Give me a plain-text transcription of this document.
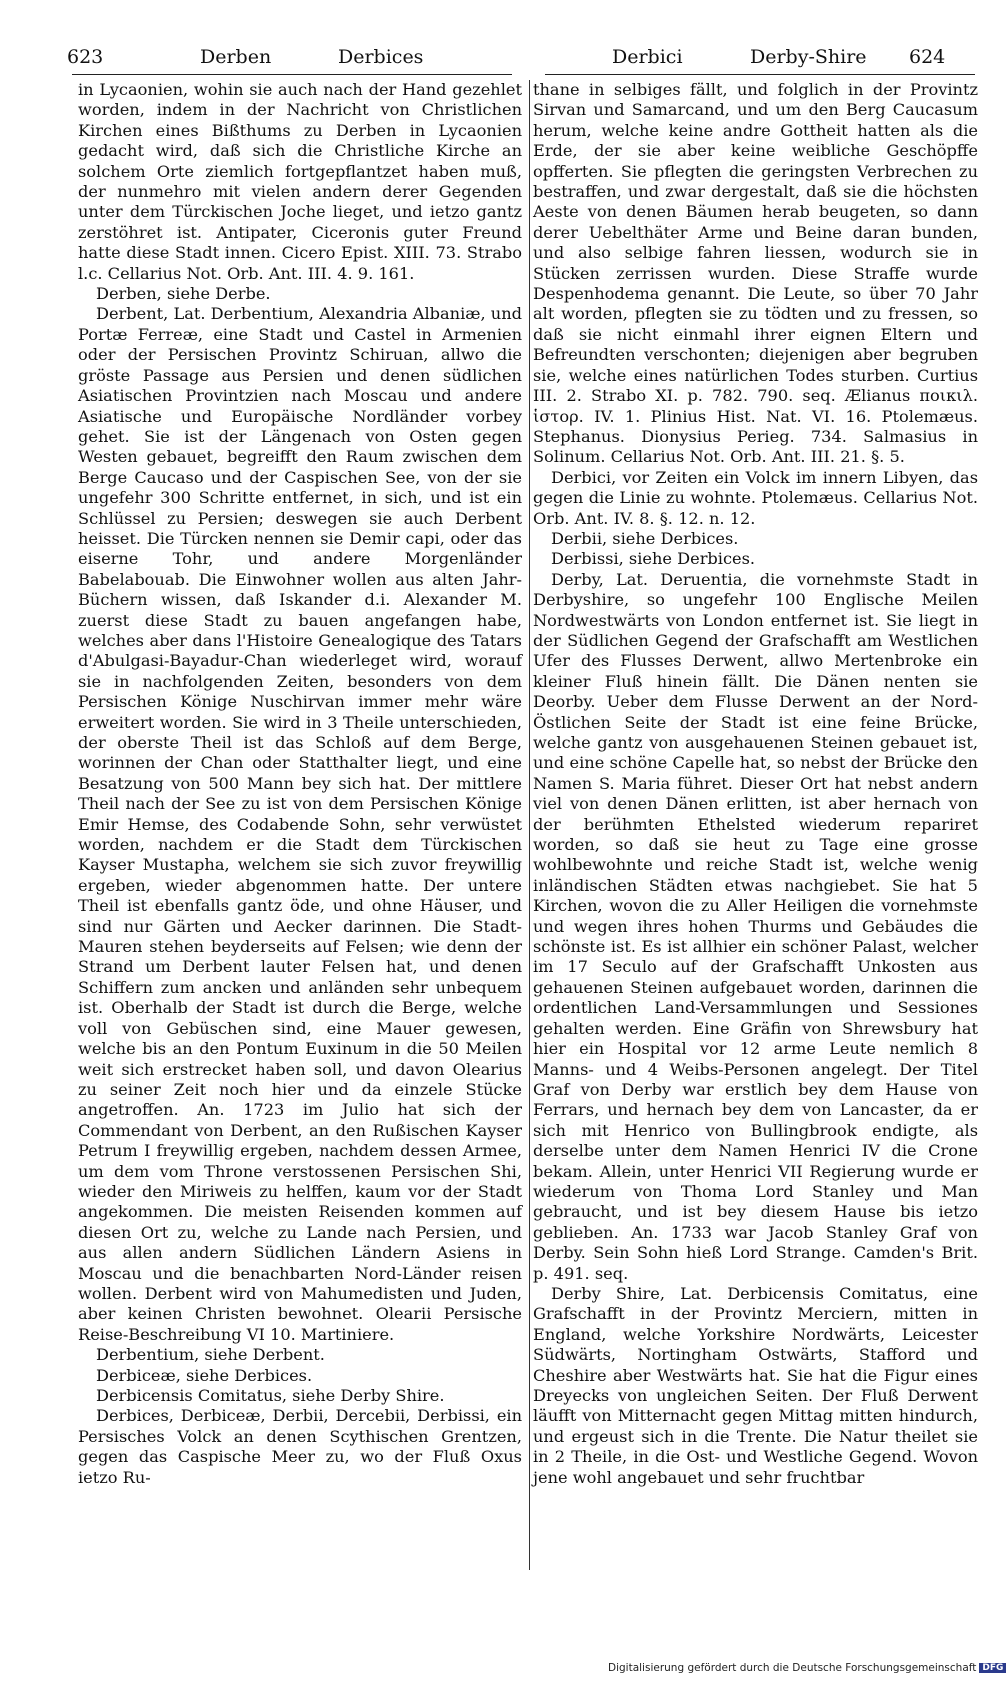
623	Derben	Derbices	Derbici	Derby-Shire 624

in Lycaonien, wohin sie auch nach der Hand gezehlet worden, indem in der Nachricht von Christlichen Kirchen eines Bißthums zu Derben in Lycaonien gedacht wird, daß sich die Christliche Kirche an solchem Orte ziemlich fortgepflantzet haben muß, der nunmehro mit vielen andern derer Gegenden unter dem Türckischen Joche lieget, und ietzo gantz zerstöhret ist. Antipater, Ciceronis guter Freund hatte diese Stadt innen. Cicero Epist. XIII. 73. Strabo l.c. Cellarius Not. Orb. Ant. III. 4. 9. 161.

Derben, siehe Derbe.

Derbent, Lat. Derbentium, Alexandria Albaniæ, und Portæ Ferreæ, eine Stadt und Castel in Armenien oder der Persischen Provintz Schiruan, allwo die gröste Passage aus Persien und denen südlichen Asiatischen Provintzien nach Moscau und andere Asiatische und Europäische Nordländer vorbey gehet. Sie ist der Längenach von Osten gegen Westen gebauet, begreifft den Raum zwischen dem Berge Caucaso und der Caspischen See, von der sie ungefehr 300 Schritte entfernet, in sich, und ist ein Schlüssel zu Persien; deswegen sie auch Derbent heisset. Die Türcken nennen sie Demir capi, oder das eiserne Tohr, und andere Morgenländer Babelabouab. Die Einwohner wollen aus alten Jahr-Büchern wissen, daß Iskander d.i. Alexander M. zuerst diese Stadt zu bauen angefangen habe, welches aber dans l'Histoire Genealogique des Tatars d'Abulgasi-Bayadur-Chan wiederleget wird, worauf sie in nachfolgenden Zeiten, besonders von dem Persischen Könige Nuschirvan immer mehr wäre erweitert worden. Sie wird in 3 Theile unterschieden, der oberste Theil ist das Schloß auf dem Berge, worinnen der Chan oder Statthalter liegt, und eine Besatzung von 500 Mann bey sich hat. Der mittlere Theil nach der See zu ist von dem Persischen Könige Emir Hemse, des Codabende Sohn, sehr verwüstet worden, nachdem er die Stadt dem Türckischen Kayser Mustapha, welchem sie sich zuvor freywillig ergeben, wieder abgenommen hatte. Der untere Theil ist ebenfalls gantz öde, und ohne Häuser, und sind nur Gärten und Aecker darinnen. Die Stadt-Mauren stehen beyderseits auf Felsen; wie denn der Strand um Derbent lauter Felsen hat, und denen Schiffern zum ancken und anländen sehr unbequem ist. Oberhalb der Stadt ist durch die Berge, welche voll von Gebüschen sind, eine Mauer gewesen, welche bis an den Pontum Euxinum in die 50 Meilen weit sich erstrecket haben soll, und davon Olearius zu seiner Zeit noch hier und da einzele Stücke angetroffen. An. 1723 im Julio hat sich der Commendant von Derbent, an den Rußischen Kayser Petrum I freywillig ergeben, nachdem dessen Armee, um dem vom Throne verstossenen Persischen Shi, wieder den Miriweis zu helffen, kaum vor der Stadt angekommen. Die meisten Reisenden kommen auf diesen Ort zu, welche zu Lande nach Persien, und aus allen andern Südlichen Ländern Asiens in Moscau und die benachbarten Nord-Länder reisen wollen. Derbent wird von Mahumedisten und Juden, aber keinen Christen bewohnet. Olearii Persische Reise-Beschreibung VI 10. Martiniere.

Derbentium, siehe Derbent.

Derbiceæ, siehe Derbices.

Derbicensis Comitatus, siehe Derby Shire.

Derbices, Derbiceæ, Derbii, Dercebii, Derbissi, ein Persisches Volck an denen Scythischen Grentzen, gegen das Caspische Meer zu, wo der Fluß Oxus ietzo Ru-

thane in selbiges fällt, und folglich in der Provintz Sirvan und Samarcand, und um den Berg Caucasum herum, welche keine andre Gottheit hatten als die Erde, der sie aber keine weibliche Geschöpffe opfferten. Sie pflegten die geringsten Verbrechen zu bestraffen, und zwar dergestalt, daß sie die höchsten Aeste von denen Bäumen herab beugeten, so dann derer Uebelthäter Arme und Beine daran bunden, und also selbige fahren liessen, wodurch sie in Stücken zerrissen wurden. Diese Straffe wurde Despenhodema genannt. Die Leute, so über 70 Jahr alt worden, pflegten sie zu tödten und zu fressen, so daß sie nicht einmahl ihrer eignen Eltern und Befreundten verschonten; diejenigen aber begruben sie, welche eines natürlichen Todes sturben. Curtius III. 2. Strabo XI. p. 782. 790. seq. Ælianus ποικιλ. ἱστορ. IV. 1. Plinius Hist. Nat. VI. 16. Ptolemæus. Stephanus. Dionysius Perieg. 734. Salmasius in Solinum. Cellarius Not. Orb. Ant. III. 21. §. 5.

Derbici, vor Zeiten ein Volck im innern Libyen, das gegen die Linie zu wohnte. Ptolemæus. Cellarius Not. Orb. Ant. IV. 8. §. 12. n. 12.

Derbii, siehe Derbices.

Derbissi, siehe Derbices.

Derby, Lat. Deruentia, die vornehmste Stadt in Derbyshire, so ungefehr 100 Englische Meilen Nordwestwärts von London entfernet ist. Sie liegt in der Südlichen Gegend der Grafschafft am Westlichen Ufer des Flusses Derwent, allwo Mertenbroke ein kleiner Fluß hinein fällt. Die Dänen nenten sie Deorby. Ueber dem Flusse Derwent an der Nord-Östlichen Seite der Stadt ist eine feine Brücke, welche gantz von ausgehauenen Steinen gebauet ist, und eine schöne Capelle hat, so nebst der Brücke den Namen S. Maria führet. Dieser Ort hat nebst andern viel von denen Dänen erlitten, ist aber hernach von der berühmten Ethelsted wiederum repariret worden, so daß sie heut zu Tage eine grosse wohlbewohnte und reiche Stadt ist, welche wenig inländischen Städten etwas nachgiebet. Sie hat 5 Kirchen, wovon die zu Aller Heiligen die vornehmste und wegen ihres hohen Thurms und Gebäudes die schönste ist. Es ist allhier ein schöner Palast, welcher im 17 Seculo auf der Grafschafft Unkosten aus gehauenen Steinen aufgebauet worden, darinnen die ordentlichen Land-Versammlungen und Sessiones gehalten werden. Eine Gräfin von Shrewsbury hat hier ein Hospital vor 12 arme Leute nemlich 8 Manns- und 4 Weibs-Personen angelegt. Der Titel Graf von Derby war erstlich bey dem Hause von Ferrars, und hernach bey dem von Lancaster, da er sich mit Henrico von Bullingbrook endigte, als derselbe unter dem Namen Henrici IV die Crone bekam. Allein, unter Henrici VII Regierung wurde er wiederum von Thoma Lord Stanley und Man gebraucht, und ist bey diesem Hause bis ietzo geblieben. An. 1733 war Jacob Stanley Graf von Derby. Sein Sohn hieß Lord Strange. Camden's Brit. p. 491. seq.

Derby Shire, Lat. Derbicensis Comitatus, eine Grafschafft in der Provintz Merciern, mitten in England, welche Yorkshire Nordwärts, Leicester Südwärts, Nortingham Ostwärts, Stafford und Cheshire aber Westwärts hat. Sie hat die Figur eines Dreyecks von ungleichen Seiten. Der Fluß Derwent läufft von Mitternacht gegen Mittag mitten hindurch, und ergeust sich in die Trente. Die Natur theilet sie in 2 Theile, in die Ost- und Westliche Gegend. Wovon jene wohl angebauet und sehr fruchtbar

Digitalisierung gefördert durch die Deutsche Forschungsgemeinschaft DFG
